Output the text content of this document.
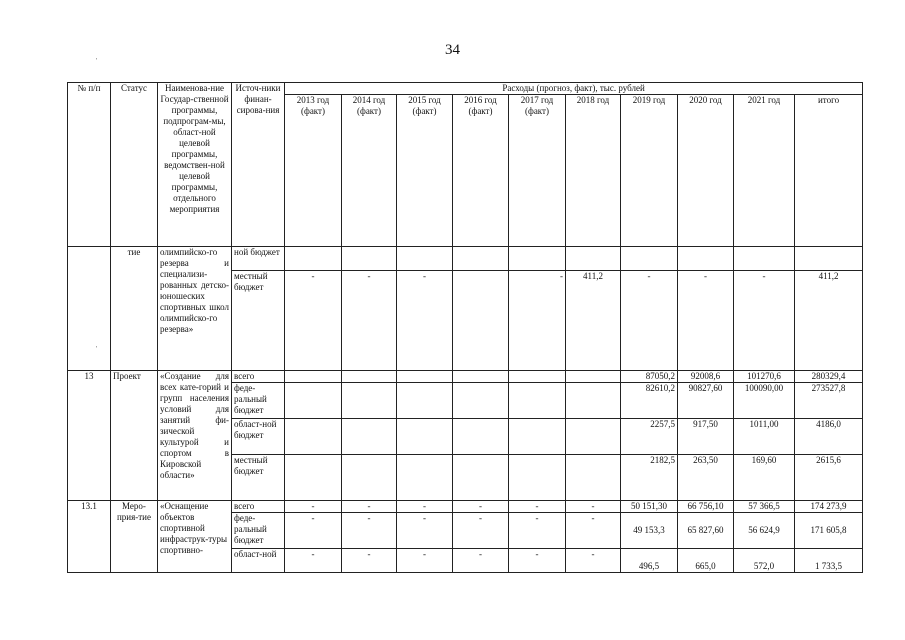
34
'
'
№ п/п	Статус	Наименова-ние Государ-ственной программы, подпрограм-мы, област-ной целевой программы, ведомствен-ной целевой программы, отдельного мероприятия	Источ-ники финан-сирова-ния	Расходы (прогноз, факт), тыс. рублей									
				2013 год (факт)	2014 год (факт)	2015 год (факт)	2016 год (факт)	2017 год (факт)	2018 год	2019 год	2020 год	2021 год	итого
	тие	олимпийско-го резерва и специализи-рованных детско-юношеских спортивных школ олимпийско-го резерва»	ной бюджет										
			местный бюджет	-	-	-		-	411,2	-	-	-	411,2
13	Проект	«Создание для всех кате-горий и групп населения условий для занятий фи-зической культурой и спортом в Кировской области»	всего							87050,2	92008,6	101270,6	280329,4
			феде-ральный бюджет							82610,2	90827,60	100090,00	273527,8
			област-ной бюджет							2257,5	917,50	1011,00	4186,0
			местный бюджет							2182,5	263,50	169,60	2615,6
13.1	Меро-прия-тие	«Оснащение объектов спортивной инфраструк-туры спортивно-	всего	-	-	-	-	-	-	50 151,30	66 756,10	57 366,5	174 273,9
			феде-ральный бюджет	-	-	-	-	-	-	49 153,3	65 827,60	56 624,9	171 605,8
			област-ной	-	-	-	-	-	-	496,5	665,0	572,0	1 733,5
